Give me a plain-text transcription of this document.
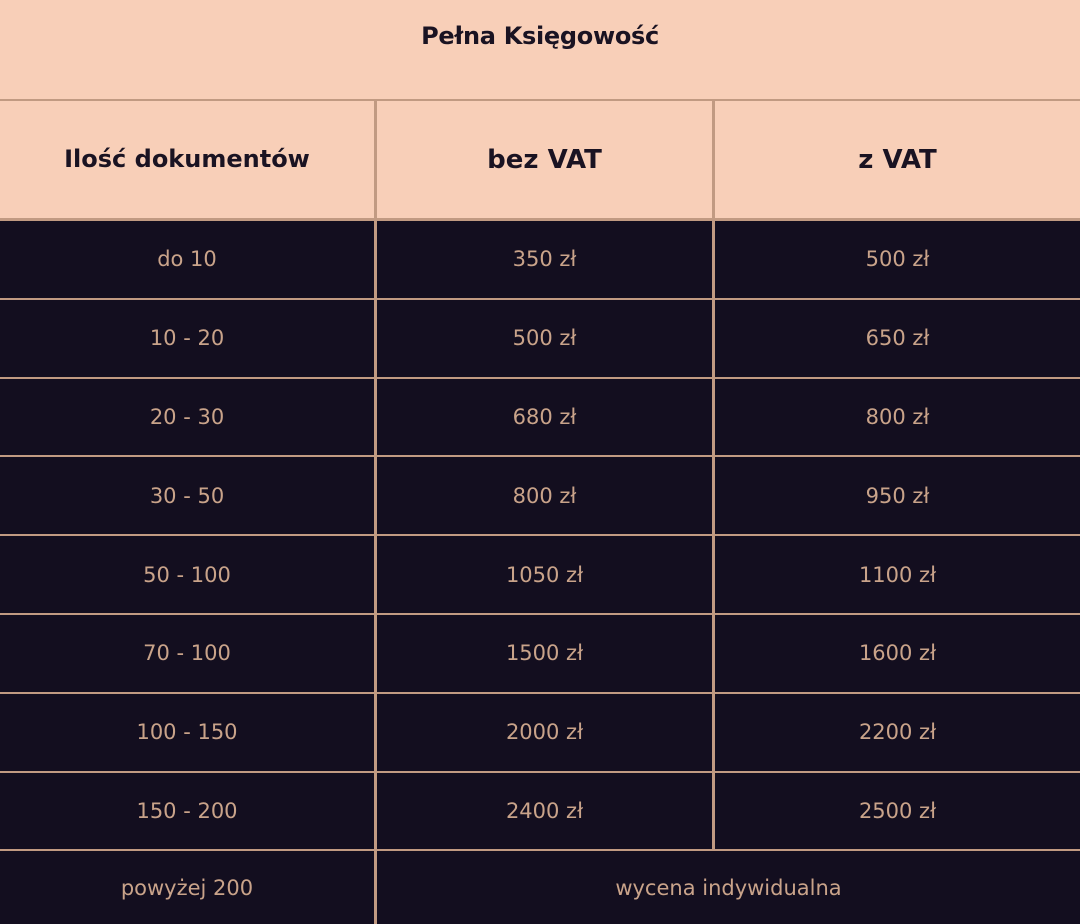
Pełna Księgowość
Ilość dokumentów	bez VAT	z VAT
do 10	350 zł	500 zł
10 - 20	500 zł	650 zł
20 - 30	680 zł	800 zł
30 - 50	800 zł	950 zł
50 - 100	1050 zł	1100 zł
70 - 100	1500 zł	1600 zł
100 - 150	2000 zł	2200 zł
150 - 200	2400 zł	2500 zł
powyżej 200	wycena indywidualna
